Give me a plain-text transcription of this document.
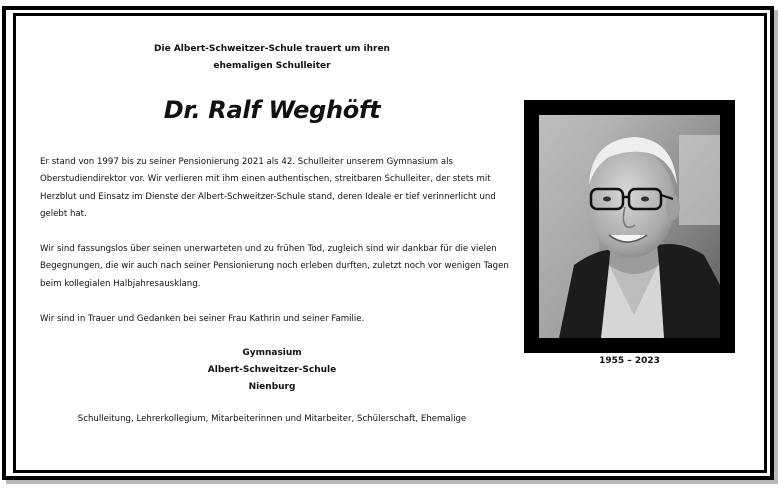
Die Albert-Schweitzer-Schule trauert um ihren
ehemaligen Schulleiter
Dr. Ralf Weghöft

Er stand von 1997 bis zu seiner Pensionierung 2021 als 42. Schulleiter unserem Gymnasium als Oberstudiendirektor vor. Wir verlieren mit ihm einen authentischen, streitbaren Schulleiter, der stets mit Herzblut und Einsatz im Dienste der Albert-Schweitzer-Schule stand, deren Ideale er tief verinnerlicht und gelebt hat.

Wir sind fassungslos über seinen unerwarteten und zu frühen Tod, zugleich sind wir dankbar für die vielen Begegnungen, die wir auch nach seiner Pensionierung noch erleben durften, zuletzt noch vor wenigen Tagen beim kollegialen Halbjahresausklang.

Wir sind in Trauer und Gedanken bei seiner Frau Kathrin und seiner Familie.

Gymnasium
Albert-Schweitzer-Schule
Nienburg
Schulleitung, Lehrerkollegium, Mitarbeiterinnen und Mitarbeiter, Schülerschaft, Ehemalige
1955 – 2023
